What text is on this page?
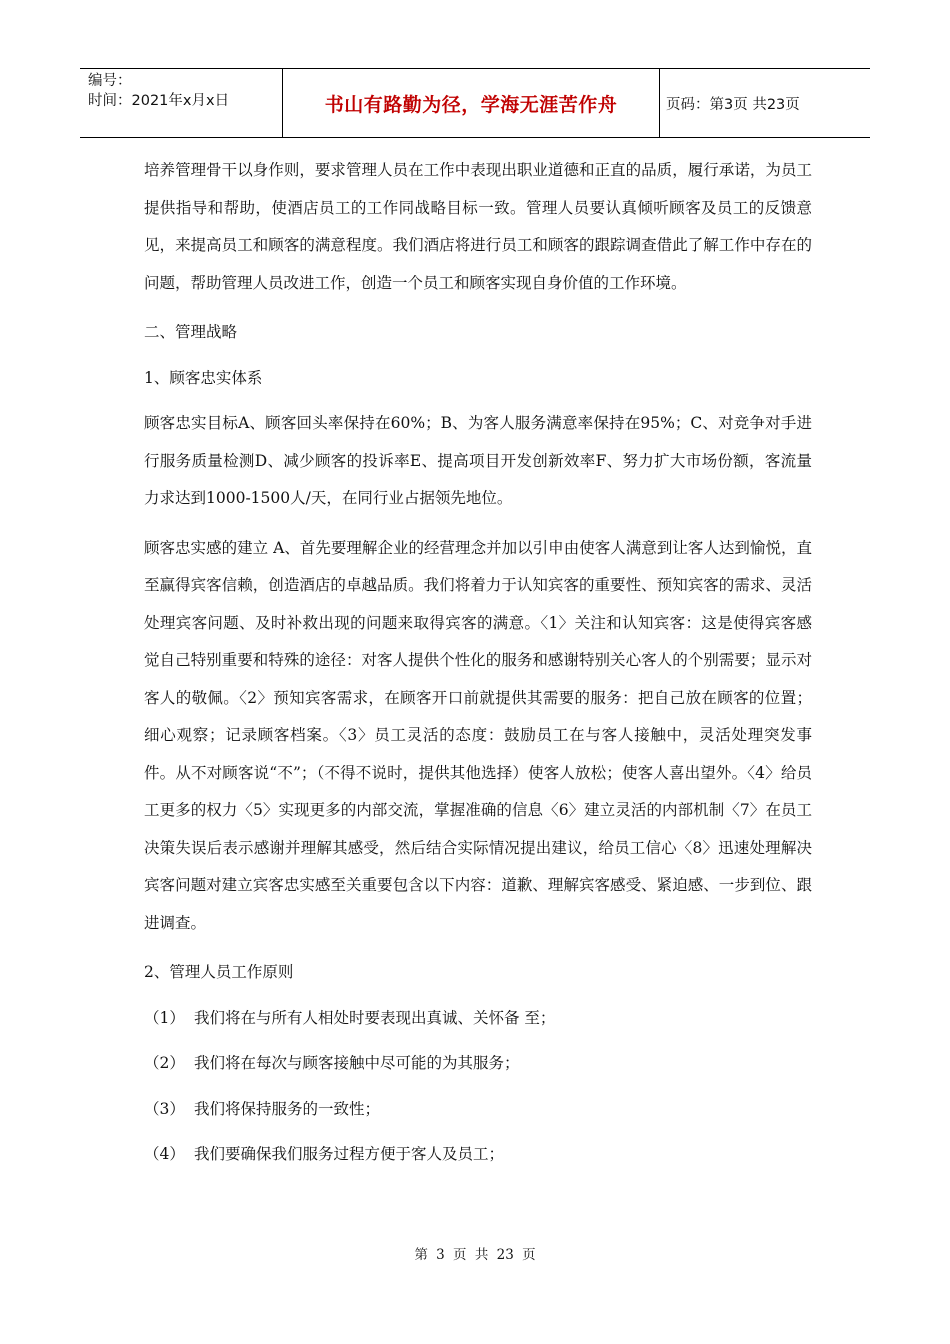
编号：
时间：2021年x月x日	书山有路勤为径，学海无涯苦作舟	页码：第3页 共23页

培养管理骨干以身作则，要求管理人员在工作中表现出职业道德和正直的品质，履行承诺，为员工提供指导和帮助，使酒店员工的工作同战略目标一致。管理人员要认真倾听顾客及员工的反馈意见，来提高员工和顾客的满意程度。我们酒店将进行员工和顾客的跟踪调查借此了解工作中存在的问题，帮助管理人员改进工作，创造一个员工和顾客实现自身价值的工作环境。

二、管理战略

1、顾客忠实体系

顾客忠实目标A、顾客回头率保持在60%；B、为客人服务满意率保持在95%；C、对竞争对手进行服务质量检测D、减少顾客的投诉率E、提高项目开发创新效率F、努力扩大市场份额，客流量力求达到1000-1500人/天，在同行业占据领先地位。

顾客忠实感的建立 A、首先要理解企业的经营理念并加以引申由使客人满意到让客人达到愉悦，直至赢得宾客信赖，创造酒店的卓越品质。我们将着力于认知宾客的重要性、预知宾客的需求、灵活处理宾客问题、及时补救出现的问题来取得宾客的满意。〈1〉关注和认知宾客：这是使得宾客感觉自己特别重要和特殊的途径：对客人提供个性化的服务和感谢特别关心客人的个别需要；显示对客人的敬佩。〈2〉预知宾客需求，在顾客开口前就提供其需要的服务：把自己放在顾客的位置；细心观察；记录顾客档案。〈3〉员工灵活的态度：鼓励员工在与客人接触中，灵活处理突发事件。从不对顾客说“不”；（不得不说时，提供其他选择）使客人放松；使客人喜出望外。〈4〉给员工更多的权力〈5〉实现更多的内部交流，掌握准确的信息〈6〉建立灵活的内部机制〈7〉在员工决策失误后表示感谢并理解其感受，然后结合实际情况提出建议，给员工信心〈8〉迅速处理解决宾客问题对建立宾客忠实感至关重要包含以下内容：道歉、理解宾客感受、紧迫感、一步到位、跟进调查。

2、管理人员工作原则

（1） 我们将在与所有人相处时要表现出真诚、关怀备 至；
（2） 我们将在每次与顾客接触中尽可能的为其服务；
（3） 我们将保持服务的一致性；
（4） 我们要确保我们服务过程方便于客人及员工；
第 3 页 共 23 页
